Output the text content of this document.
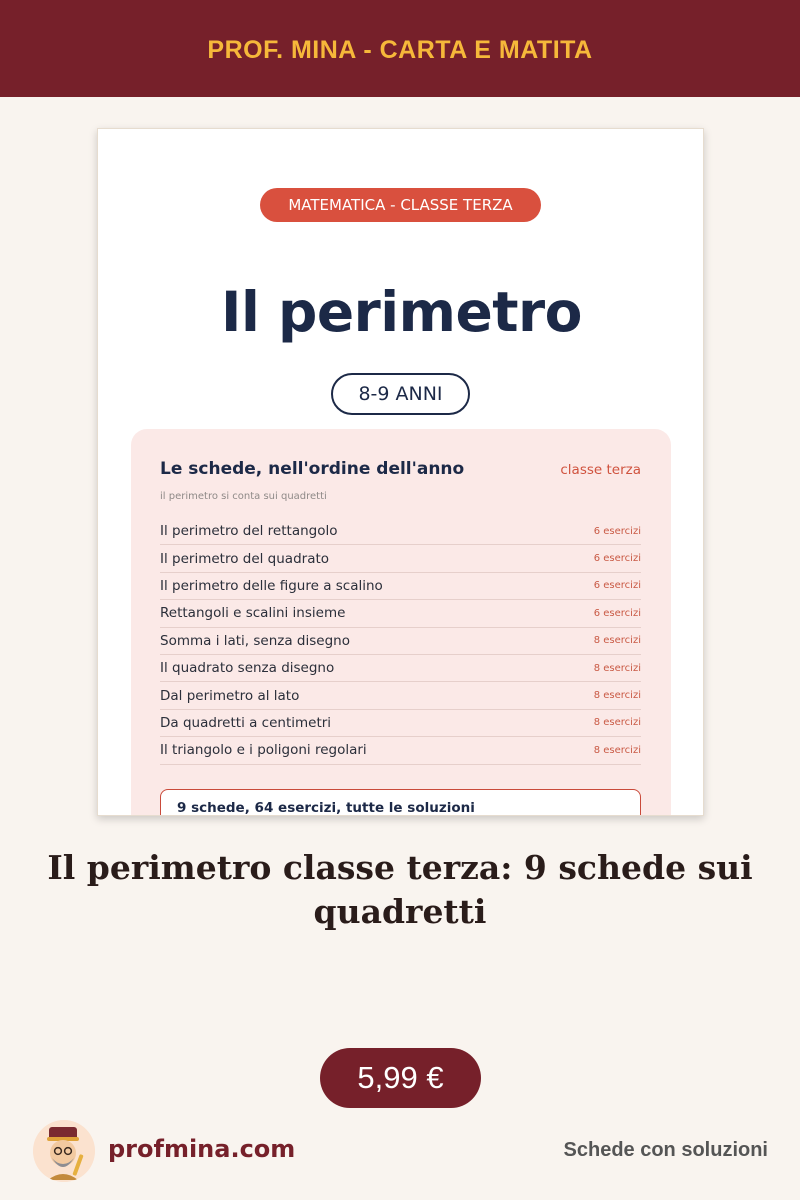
PROF. MINA - CARTA E MATITA
MATEMATICA - CLASSE TERZA
Il perimetro
8-9 ANNI
Le schede, nell'ordine dell'anno	classe terza
il perimetro si conta sui quadretti
Il perimetro del rettangolo	6 esercizi
Il perimetro del quadrato	6 esercizi
Il perimetro delle figure a scalino	6 esercizi
Rettangoli e scalini insieme	6 esercizi
Somma i lati, senza disegno	8 esercizi
Il quadrato senza disegno	8 esercizi
Dal perimetro al lato	8 esercizi
Da quadretti a centimetri	8 esercizi
Il triangolo e i poligoni regolari	8 esercizi
9 schede, 64 esercizi, tutte le soluzioni
Il perimetro classe terza: 9 schede sui quadretti
5,99 €
profmina.com	Schede con soluzioni
